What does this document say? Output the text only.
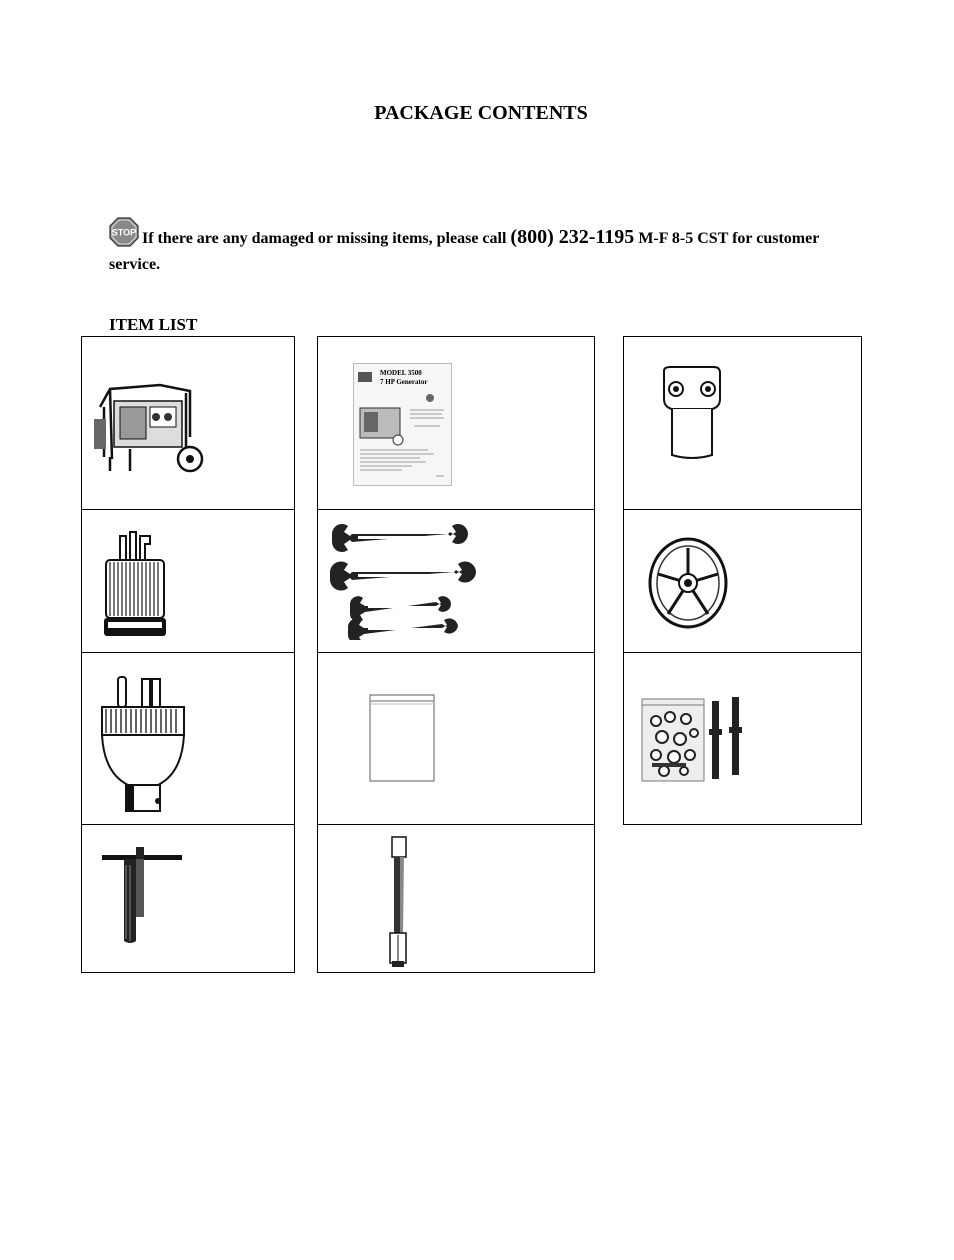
PACKAGE CONTENTS
STOP If there are any damaged or missing items, please call (800) 232-1195 M-F 8-5 CST for customer service.
ITEM LIST
MODEL 3500
7 HP Generator
